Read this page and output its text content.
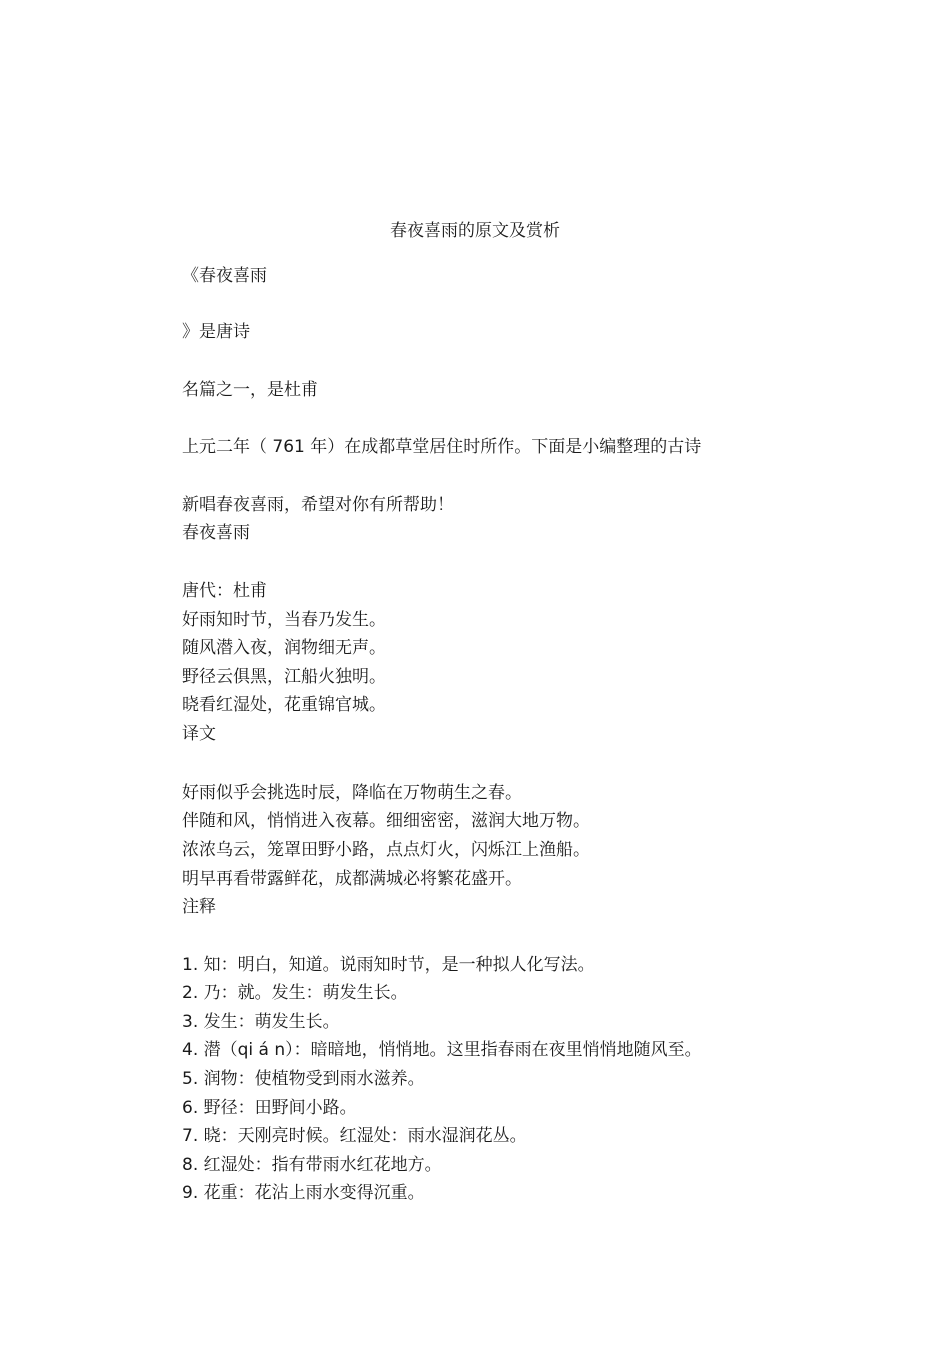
春夜喜雨的原文及赏析
《春夜喜雨
》是唐诗
名篇之一，是杜甫
上元二年（ 761 年）在成都草堂居住时所作。下面是小编整理的古诗
新唱春夜喜雨，希望对你有所帮助！
春夜喜雨
唐代：杜甫
好雨知时节，当春乃发生。
随风潜入夜，润物细无声。
野径云俱黑，江船火独明。
晓看红湿处，花重锦官城。
译文
好雨似乎会挑选时辰，降临在万物萌生之春。
伴随和风，悄悄进入夜幕。细细密密，滋润大地万物。
浓浓乌云，笼罩田野小路，点点灯火，闪烁江上渔船。
明早再看带露鲜花，成都满城必将繁花盛开。
注释
1. 知：明白，知道。说雨知时节，是一种拟人化写法。
2. 乃：就。发生：萌发生长。
3. 发生：萌发生长。
4. 潜（qi á n）：暗暗地，悄悄地。这里指春雨在夜里悄悄地随风至。
5. 润物：使植物受到雨水滋养。
6. 野径：田野间小路。
7. 晓：天刚亮时候。红湿处：雨水湿润花丛。
8. 红湿处：指有带雨水红花地方。
9. 花重：花沾上雨水变得沉重。
